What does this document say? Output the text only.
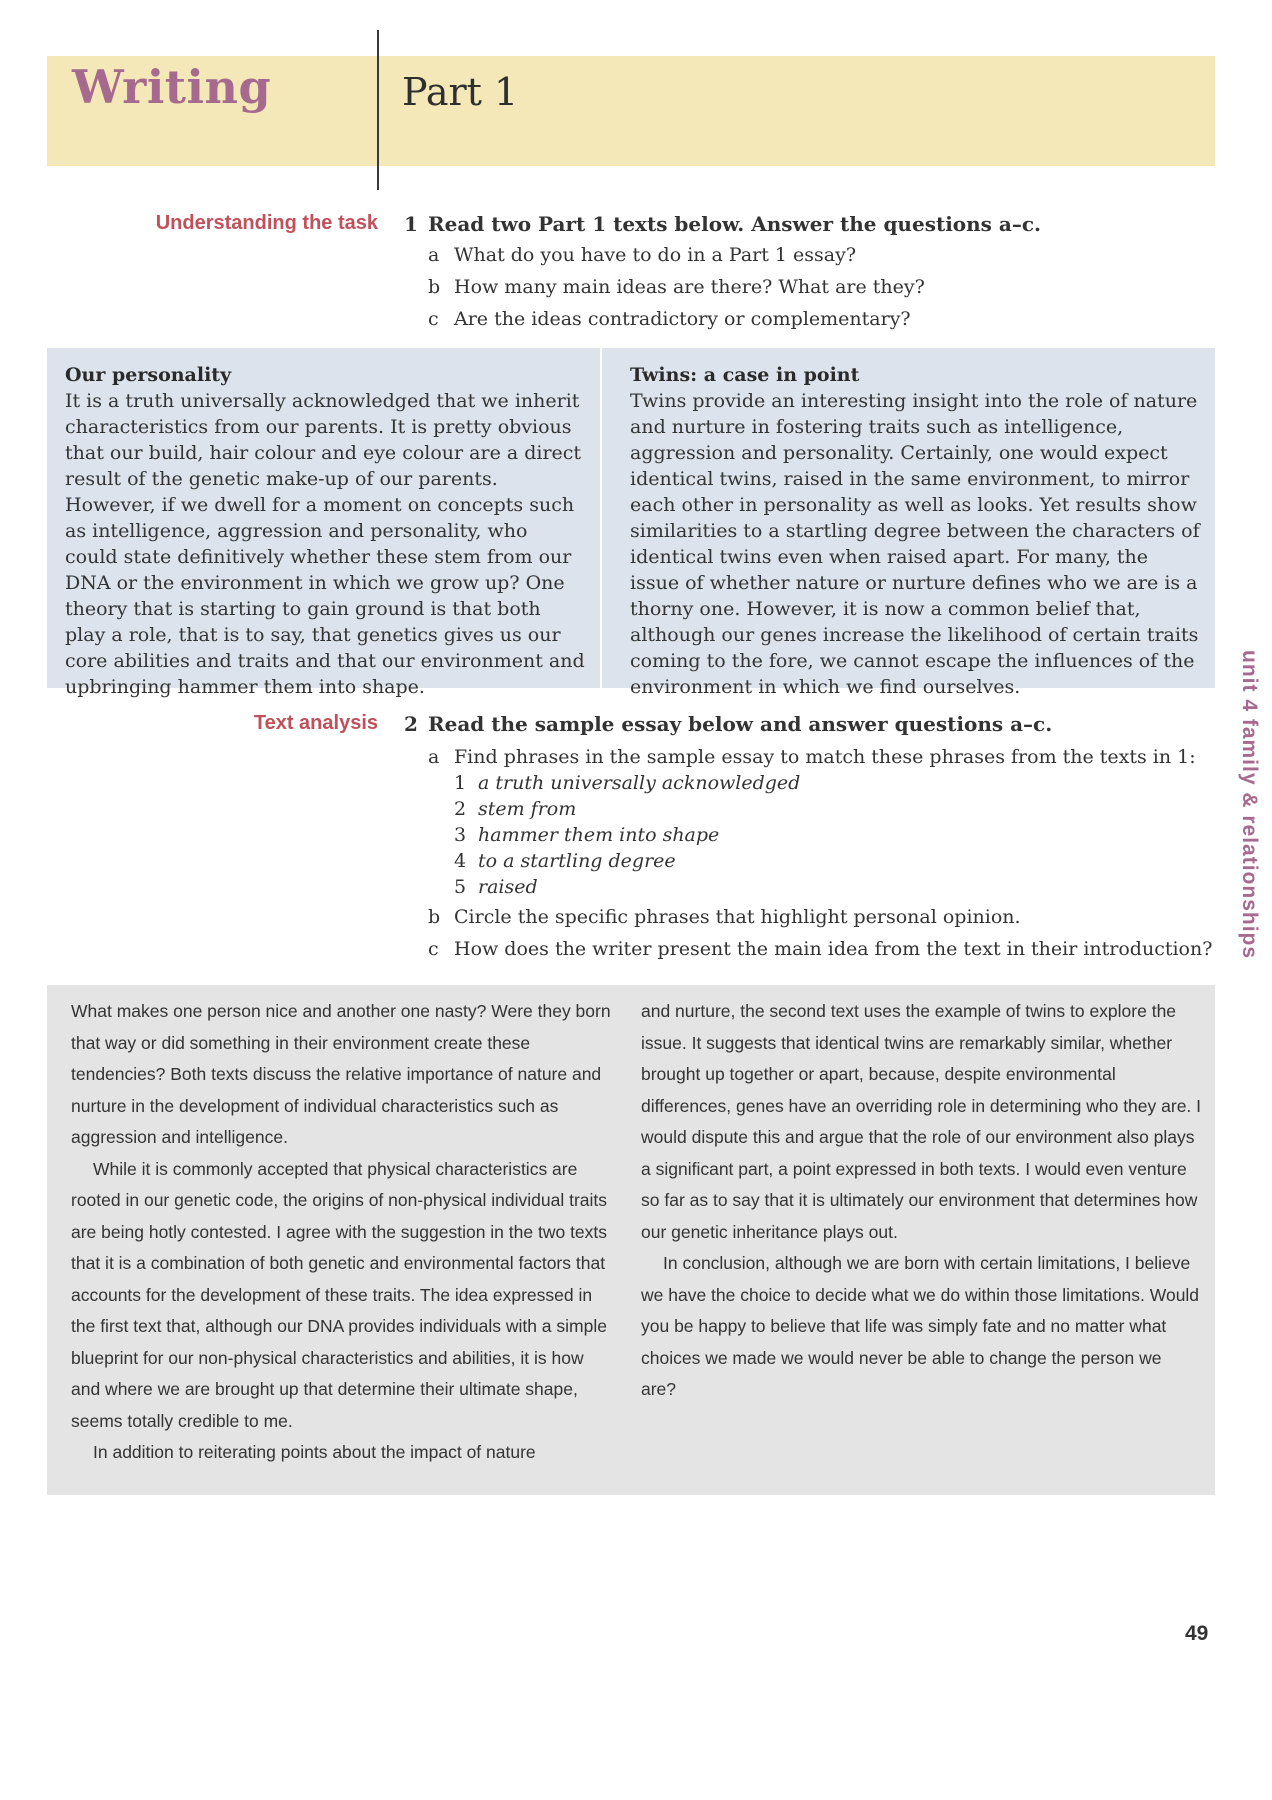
Writing	Part 1
Understanding the task 1 Read two Part 1 texts below. Answer the questions a–c.
a What do you have to do in a Part 1 essay?
b How many main ideas are there? What are they?
c Are the ideas contradictory or complementary?
Our personality
It is a truth universally acknowledged that we inherit characteristics from our parents. It is pretty obvious that our build, hair colour and eye colour are a direct result of the genetic make-up of our parents. However, if we dwell for a moment on concepts such as intelligence, aggression and personality, who could state definitively whether these stem from our DNA or the environment in which we grow up? One theory that is starting to gain ground is that both play a role, that is to say, that genetics gives us our core abilities and traits and that our environment and upbringing hammer them into shape.
Twins: a case in point
Twins provide an interesting insight into the role of nature and nurture in fostering traits such as intelligence, aggression and personality. Certainly, one would expect identical twins, raised in the same environment, to mirror each other in personality as well as looks. Yet results show similarities to a startling degree between the characters of identical twins even when raised apart. For many, the issue of whether nature or nurture defines who we are is a thorny one. However, it is now a common belief that, although our genes increase the likelihood of certain traits coming to the fore, we cannot escape the influences of the environment in which we find ourselves.
Text analysis 2 Read the sample essay below and answer questions a–c.
a Find phrases in the sample essay to match these phrases from the texts in 1:
1 a truth universally acknowledged
2 stem from
3 hammer them into shape
4 to a startling degree
5 raised
b Circle the specific phrases that highlight personal opinion.
c How does the writer present the main idea from the text in their introduction?

What makes one person nice and another one nasty? Were they born that way or did something in their environment create these tendencies? Both texts discuss the relative importance of nature and nurture in the development of individual characteristics such as aggression and intelligence.

While it is commonly accepted that physical characteristics are rooted in our genetic code, the origins of non-physical individual traits are being hotly contested. I agree with the suggestion in the two texts that it is a combination of both genetic and environmental factors that accounts for the development of these traits. The idea expressed in the first text that, although our DNA provides individuals with a simple blueprint for our non-physical characteristics and abilities, it is how and where we are brought up that determine their ultimate shape, seems totally credible to me.

In addition to reiterating points about the impact of nature

and nurture, the second text uses the example of twins to explore the issue. It suggests that identical twins are remarkably similar, whether brought up together or apart, because, despite environmental differences, genes have an overriding role in determining who they are. I would dispute this and argue that the role of our environment also plays a significant part, a point expressed in both texts. I would even venture so far as to say that it is ultimately our environment that determines how our genetic inheritance plays out.

In conclusion, although we are born with certain limitations, I believe we have the choice to decide what we do within those limitations. Would you be happy to believe that life was simply fate and no matter what choices we made we would never be able to change the person we are?

unit 4 family & relationships
49
